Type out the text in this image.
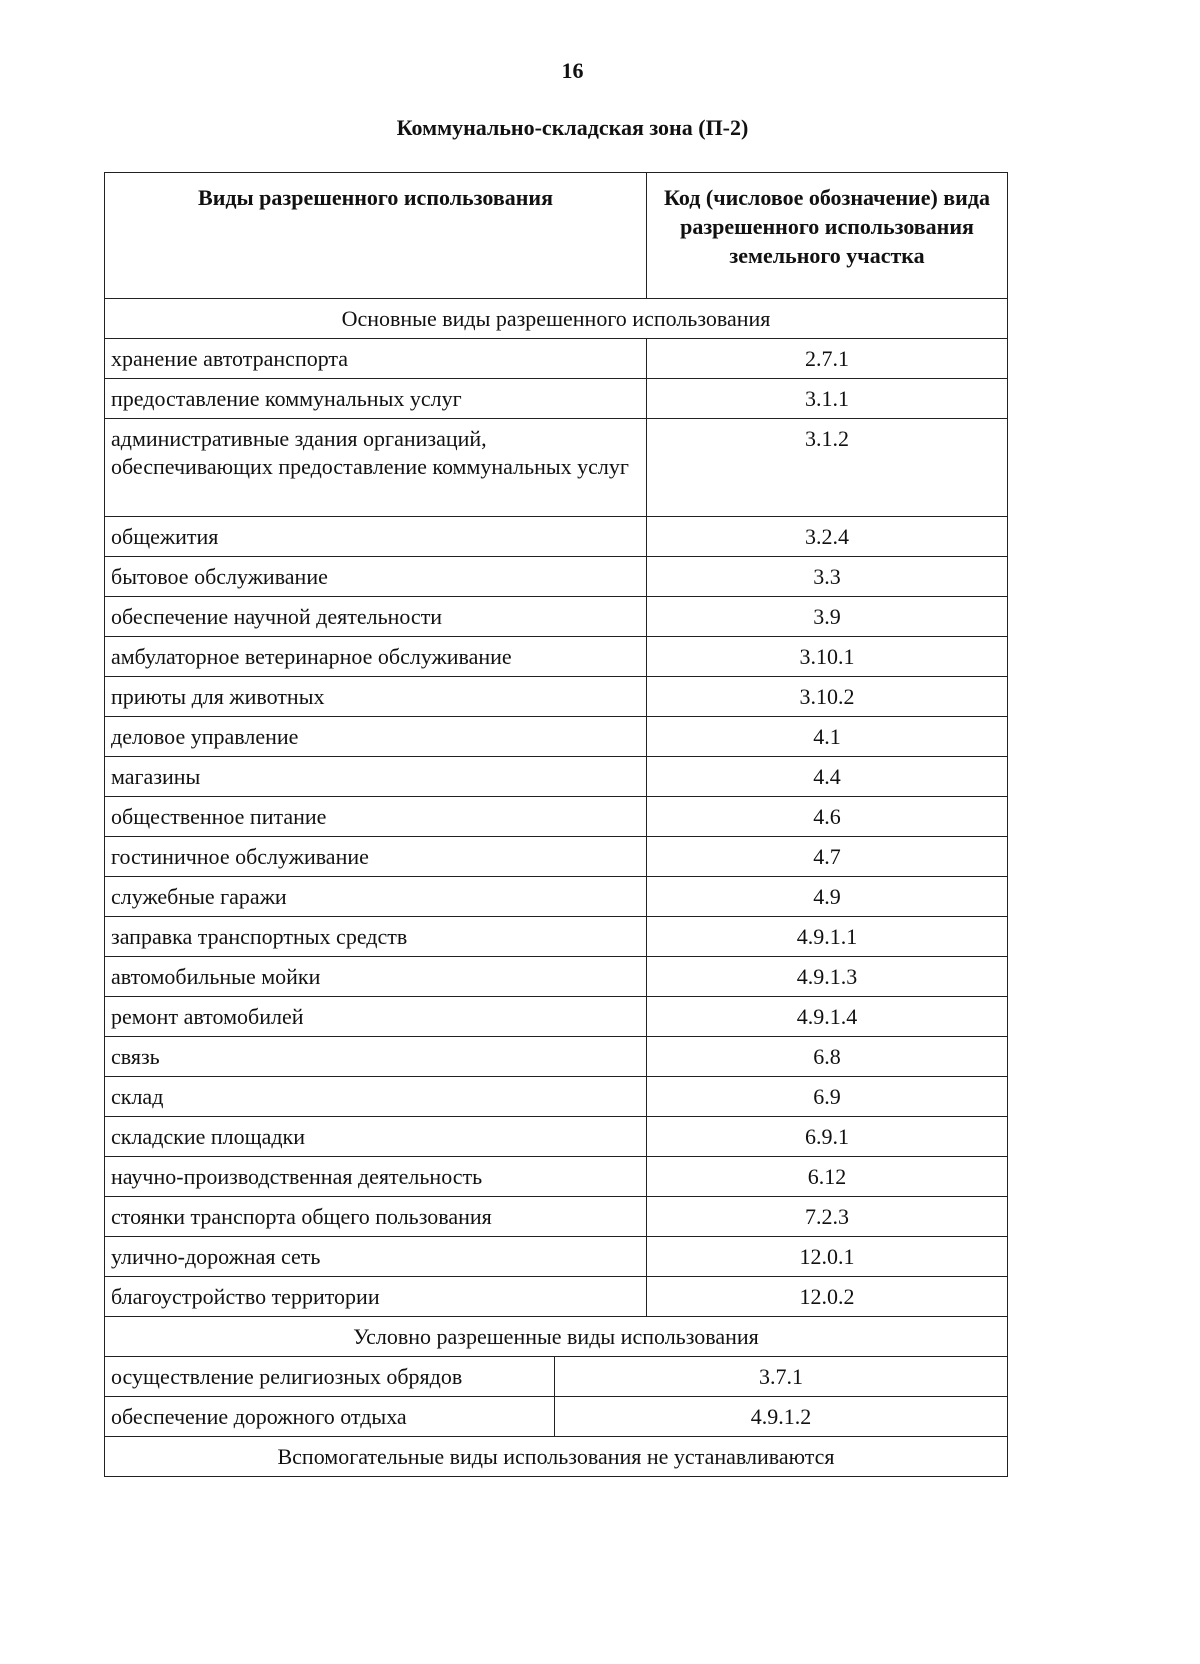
16
Коммунально-складская зона (П-2)
Виды разрешенного использования		Код (числовое обозначение) вида разрешенного использования земельного участка
Основные виды разрешенного использования		
хранение автотранспорта		2.7.1
предоставление коммунальных услуг		3.1.1
административные здания организаций, обеспечивающих предоставление коммунальных услуг		3.1.2
общежития		3.2.4
бытовое обслуживание		3.3
обеспечение научной деятельности		3.9
амбулаторное ветеринарное обслуживание		3.10.1
приюты для животных		3.10.2
деловое управление		4.1
магазины		4.4
общественное питание		4.6
гостиничное обслуживание		4.7
служебные гаражи		4.9
заправка транспортных средств		4.9.1.1
автомобильные мойки		4.9.1.3
ремонт автомобилей		4.9.1.4
связь		6.8
склад		6.9
складские площадки		6.9.1
научно-производственная деятельность		6.12
стоянки транспорта общего пользования		7.2.3
улично-дорожная сеть		12.0.1
благоустройство территории		12.0.2
Условно разрешенные виды использования		
осуществление религиозных обрядов	3.7.1	
обеспечение дорожного отдыха	4.9.1.2	
Вспомогательные виды использования не устанавливаются		
